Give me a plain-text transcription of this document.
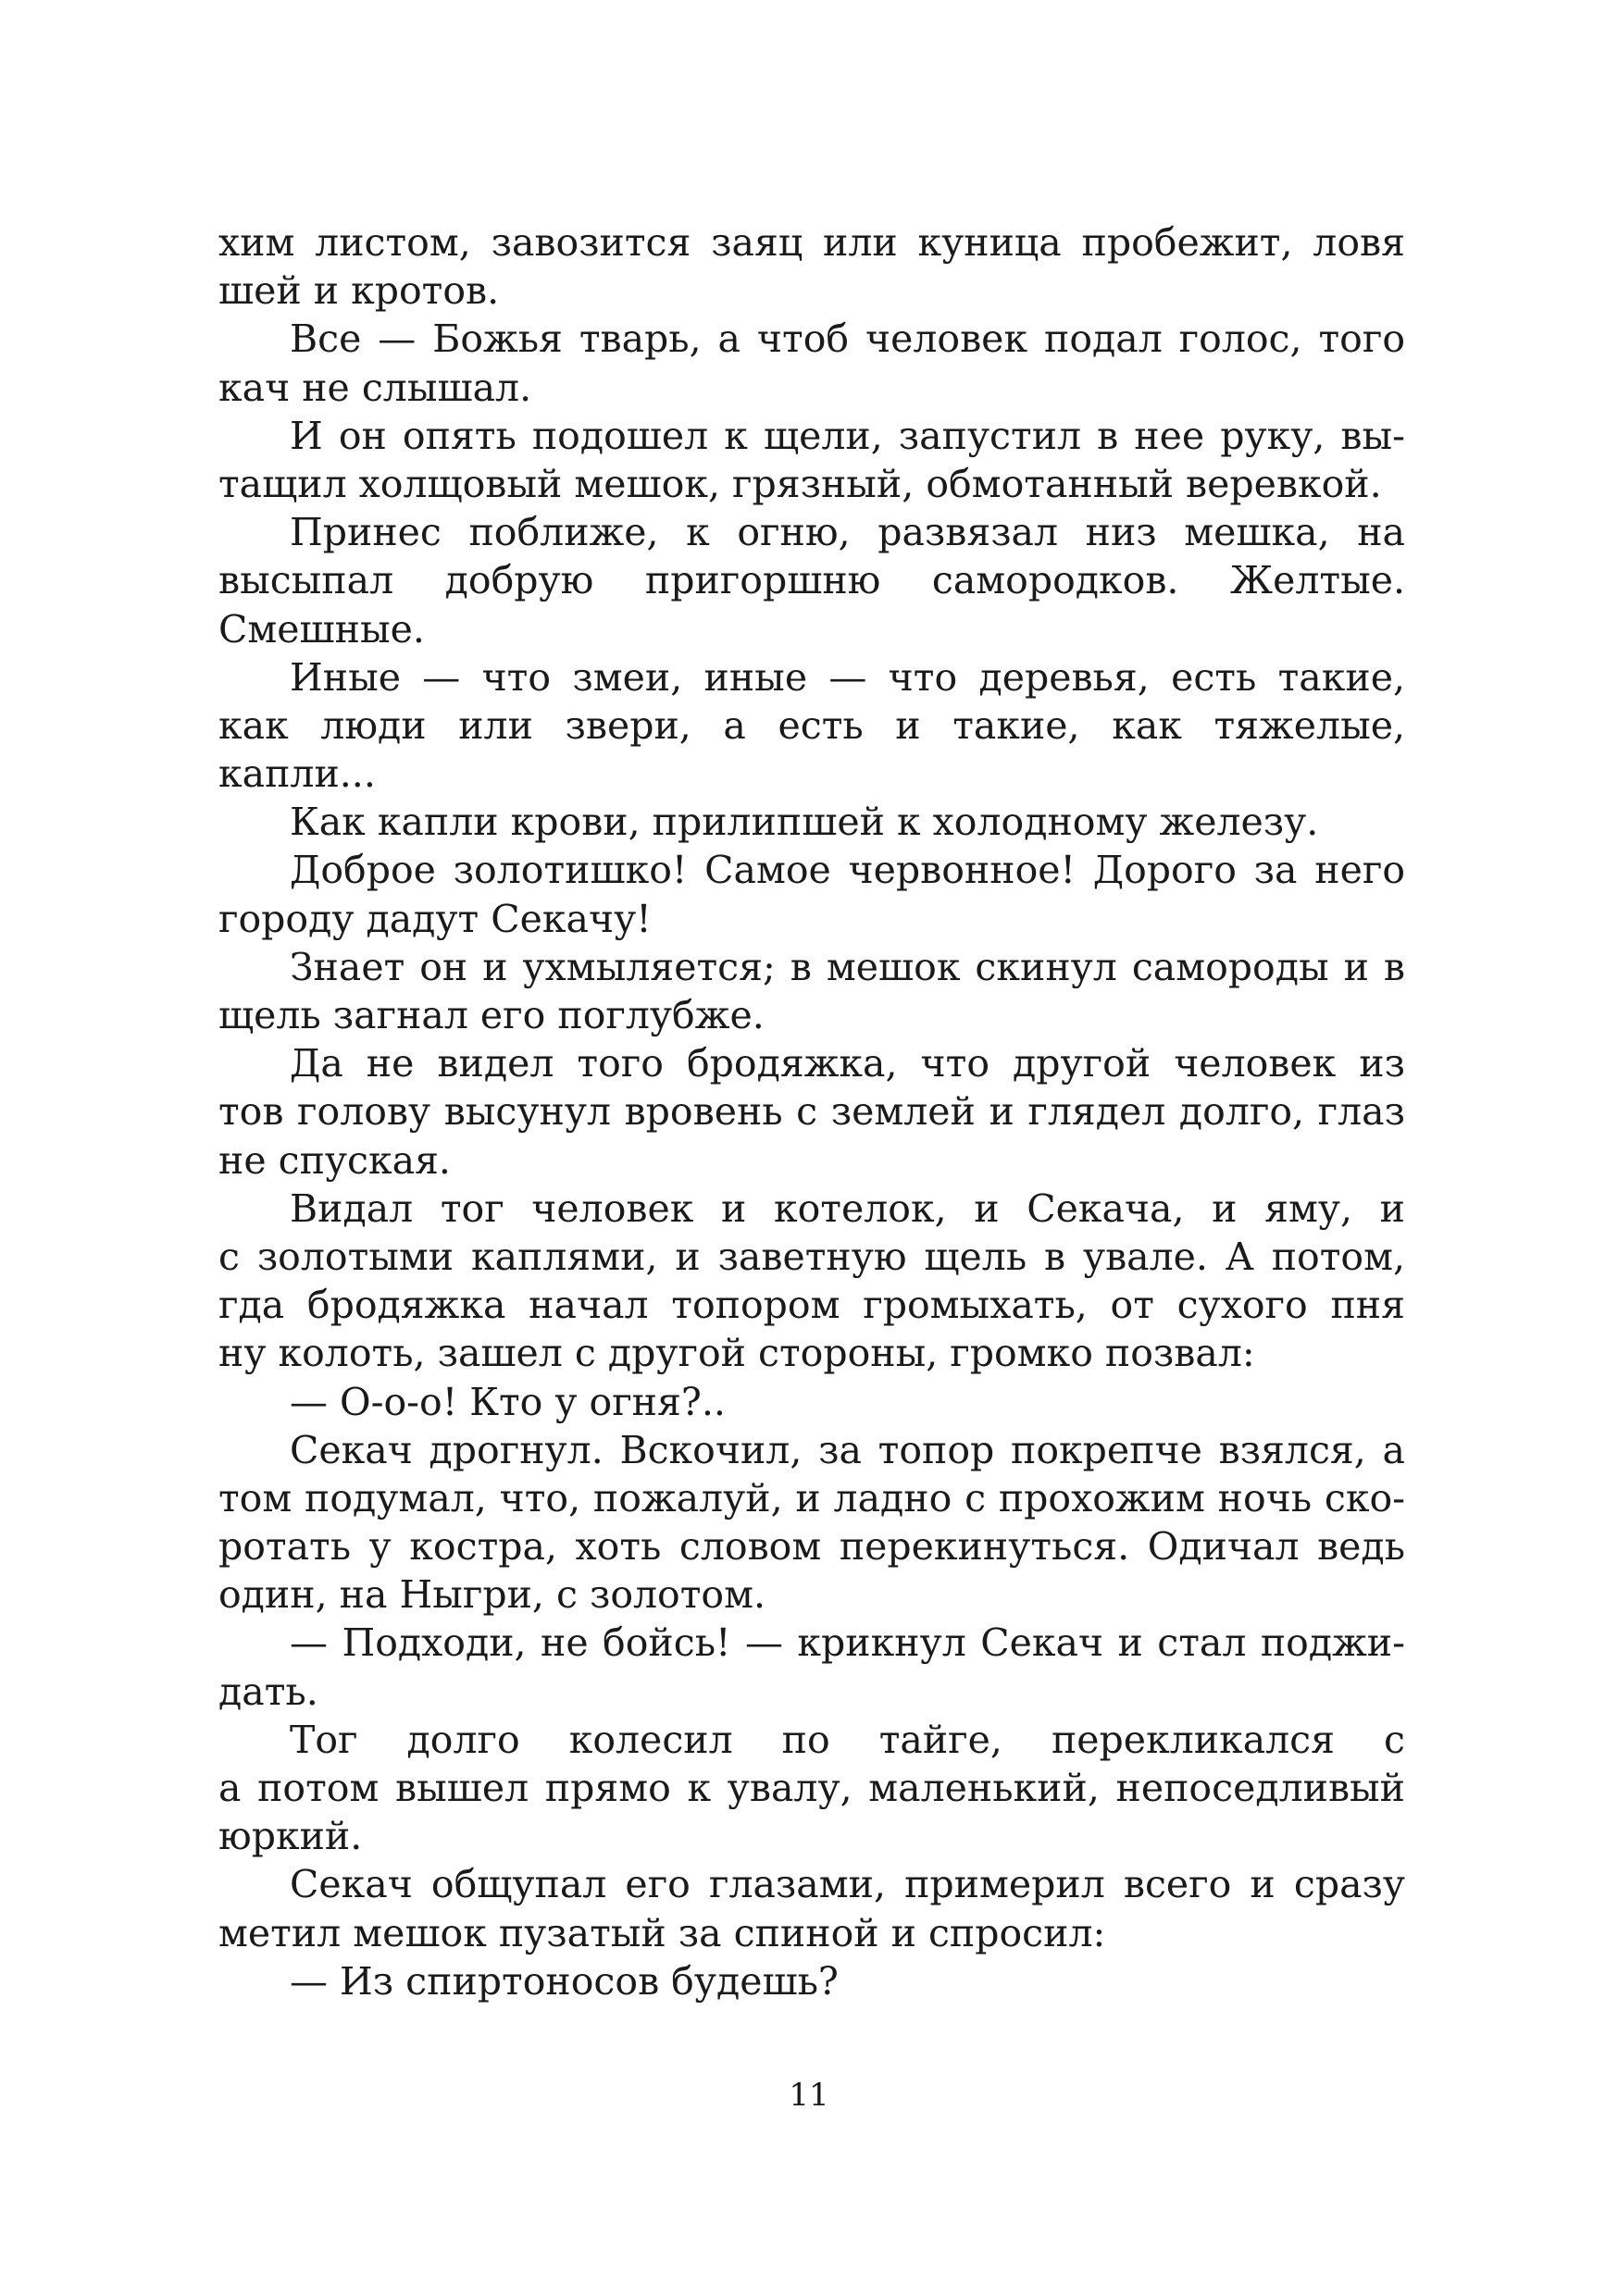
хим листом, завозится заяц или куница пробежит, ловя
шей и кротов.
Все — Божья тварь, а чтоб человек подал голос, того
кач не слышал.
И он опять подошел к щели, запустил в нее руку, вы-
тащил холщовый мешок, грязный, обмотанный веревкой.
Принес поближе, к огню, развязал низ мешка, на
высыпал добрую пригоршню самородков. Желтые.
Смешные.
Иные — что змеи, иные — что деревья, есть такие,
как люди или звери, а есть и такие, как тяжелые,
капли...
Как капли крови, прилипшей к холодному железу.
Доброе золотишко! Самое червонное! Дорого за него
городу дадут Секачу!
Знает он и ухмыляется; в мешок скинул самороды и в
щель загнал его поглубже.
Да не видел того бродяжка, что другой человек из
тов голову высунул вровень с землей и глядел долго, глаз
не спуская.
Видал тог человек и котелок, и Секача, и яму, и
с золотыми каплями, и заветную щель в увале. А потом,
гда бродяжка начал топором громыхать, от сухого пня
ну колоть, зашел с другой стороны, громко позвал:
— О-о-о! Кто у огня?..
Секач дрогнул. Вскочил, за топор покрепче взялся, а
том подумал, что, пожалуй, и ладно с прохожим ночь ско-
ротать у костра, хоть словом перекинуться. Одичал ведь
один, на Ныгри, с золотом.
— Подходи, не бойсь! — крикнул Секач и стал поджи-
дать.
Тог долго колесил по тайге, перекликался с
а потом вышел прямо к увалу, маленький, непоседливый
юркий.
Секач общупал его глазами, примерил всего и сразу
метил мешок пузатый за спиной и спросил:
— Из спиртоносов будешь?
11
